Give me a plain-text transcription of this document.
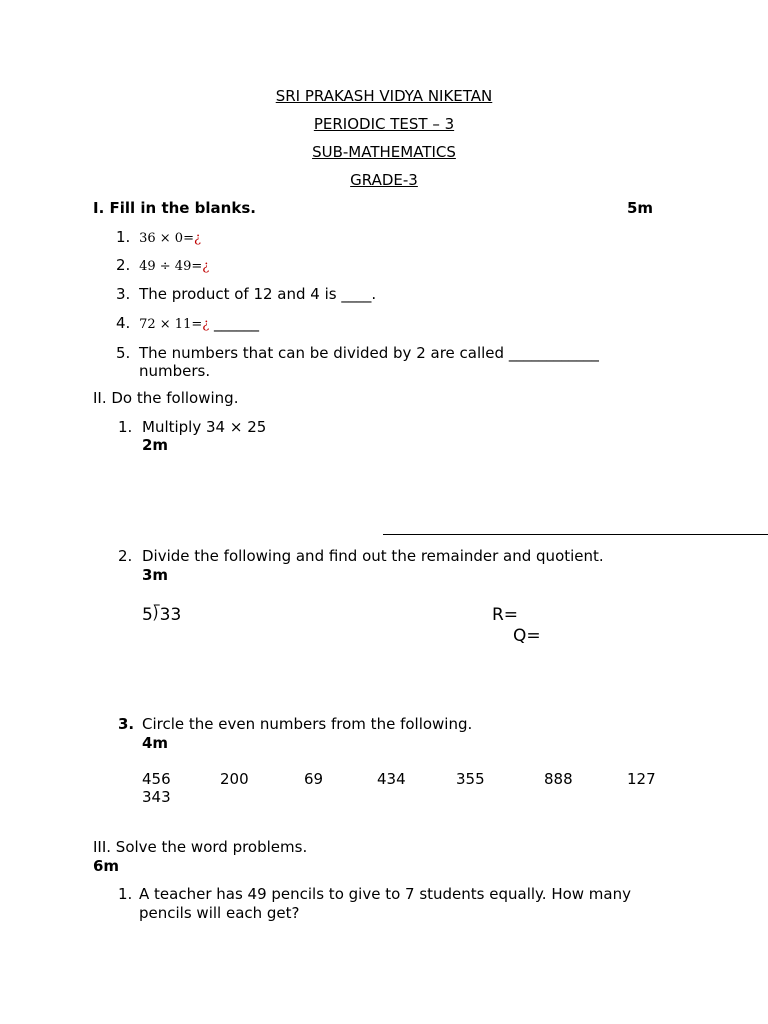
SRI PRAKASH VIDYA NIKETAN
PERIODIC TEST – 3
SUB-MATHEMATICS
GRADE-3
I. Fill in the blanks.	5m
1. 36 × 0=¿
2. 49 ÷ 49=¿
3. The product of 12 and 4 is ____.
4. 72 × 11=¿ ______
5. The numbers that can be divided by 2 are called ____________
numbers.
II. Do the following.
1. Multiply 34 × 25
2m
2. Divide the following and find out the remainder and quotient.
3m
5⟌33	R=
Q=
3. Circle the even numbers from the following.
4m
456	200	69	434	355	888	127
343
III. Solve the word problems.
6m
1. A teacher has 49 pencils to give to 7 students equally. How many
pencils will each get?
